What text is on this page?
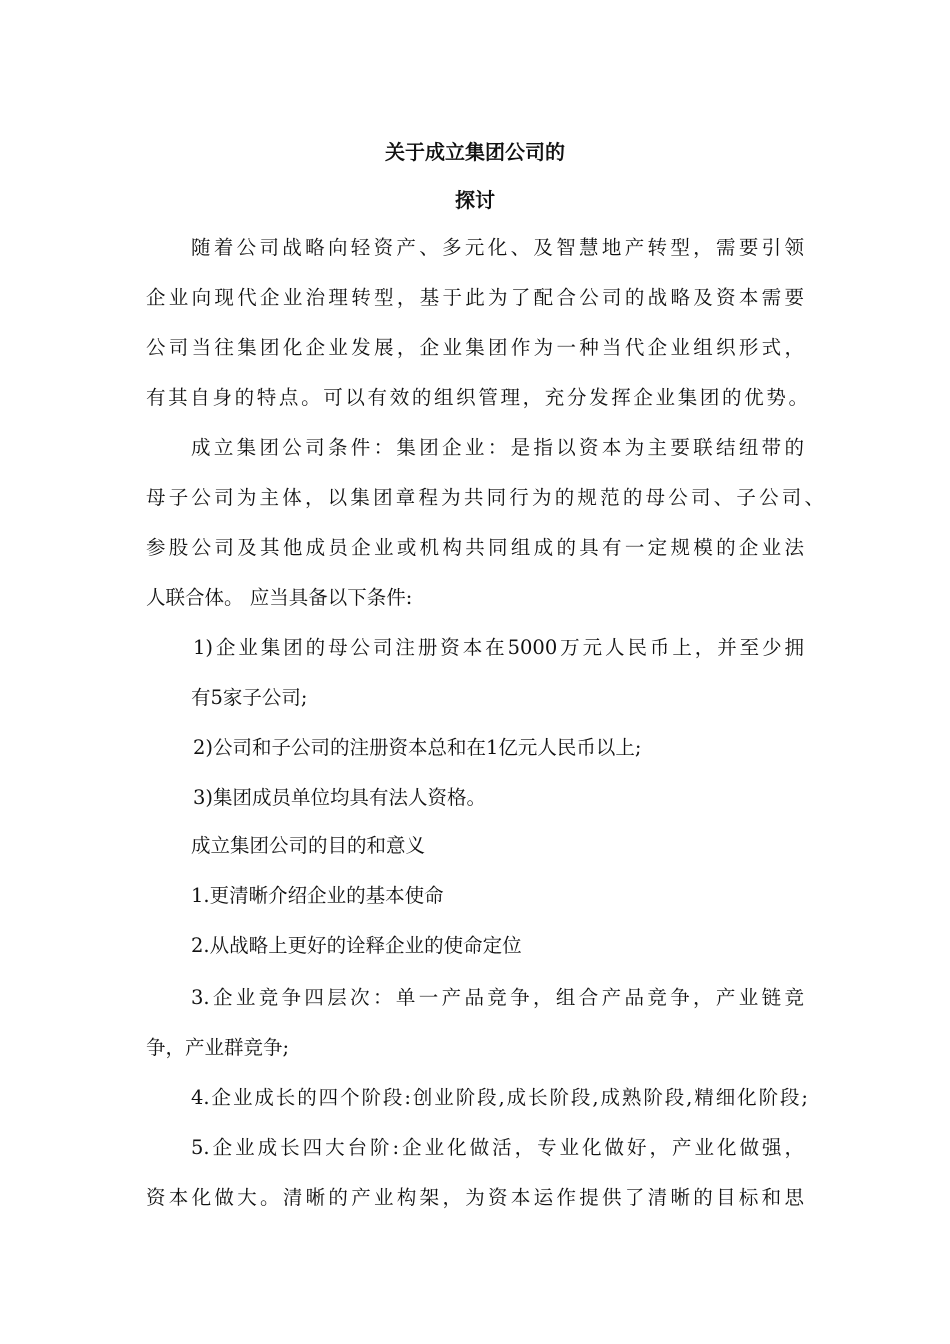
关于成立集团公司的
探讨
随着公司战略向轻资产、多元化、及智慧地产转型，需要引领
企业向现代企业治理转型，基于此为了配合公司的战略及资本需要
公司当往集团化企业发展，企业集团作为一种当代企业组织形式，
有其自身的特点。可以有效的组织管理，充分发挥企业集团的优势。
成立集团公司条件：集团企业：是指以资本为主要联结纽带的
母子公司为主体，以集团章程为共同行为的规范的母公司、子公司、
参股公司及其他成员企业或机构共同组成的具有一定规模的企业法
人联合体。 应当具备以下条件:
1)企业集团的母公司注册资本在5000万元人民币上，并至少拥
有5家子公司;
2)公司和子公司的注册资本总和在1亿元人民币以上;
3)集团成员单位均具有法人资格。
成立集团公司的目的和意义
1.更清晰介绍企业的基本使命
2.从战略上更好的诠释企业的使命定位
3.企业竞争四层次：单一产品竞争，组合产品竞争，产业链竞
争，产业群竞争;
4.企业成长的四个阶段:创业阶段,成长阶段,成熟阶段,精细化阶段;
5.企业成长四大台阶:企业化做活，专业化做好，产业化做强，
资本化做大。清晰的产业构架，为资本运作提供了清晰的目标和思
